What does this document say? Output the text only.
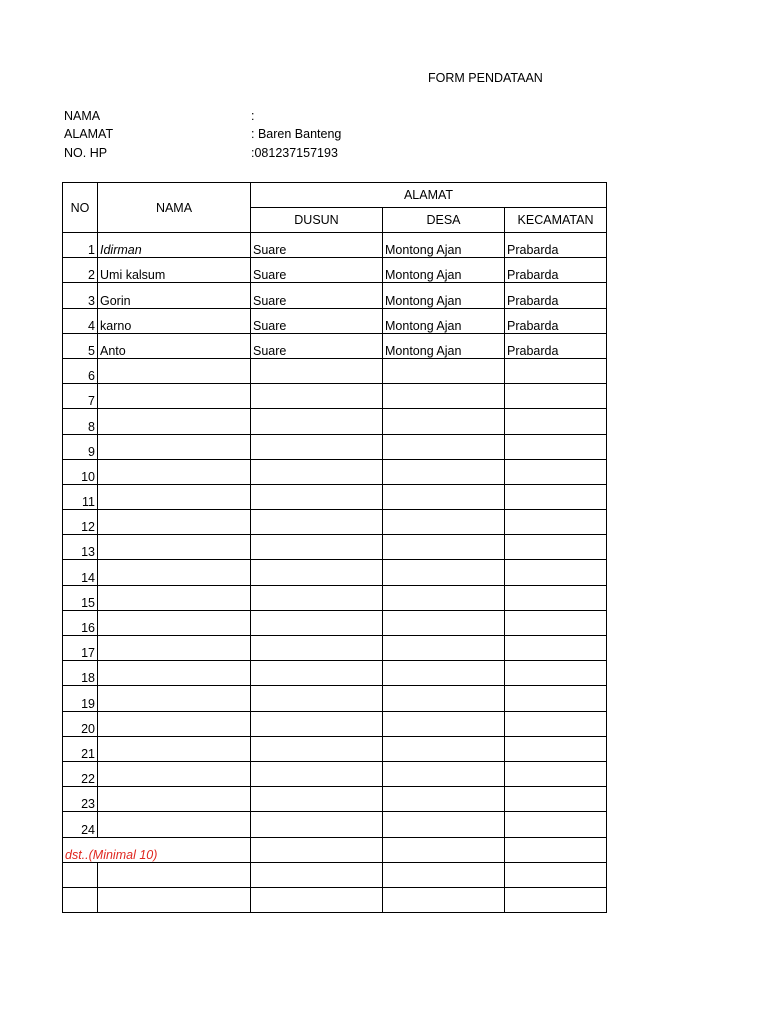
FORM PENDATAAN
NAMA	:
ALAMAT	: Baren Banteng
NO. HP	:081237157193
NO	NAMA	ALAMAT		
		DUSUN	DESA	KECAMATAN
1	Idirman	Suare	Montong Ajan	Prabarda
2	Umi kalsum	Suare	Montong Ajan	Prabarda
3	Gorin	Suare	Montong Ajan	Prabarda
4	karno	Suare	Montong Ajan	Prabarda
5	Anto	Suare	Montong Ajan	Prabarda
6				
7				
8				
9				
10				
11				
12				
13				
14				
15				
16				
17				
18				
19				
20				
21				
22				
23				
24				
dst..(Minimal 10)				
